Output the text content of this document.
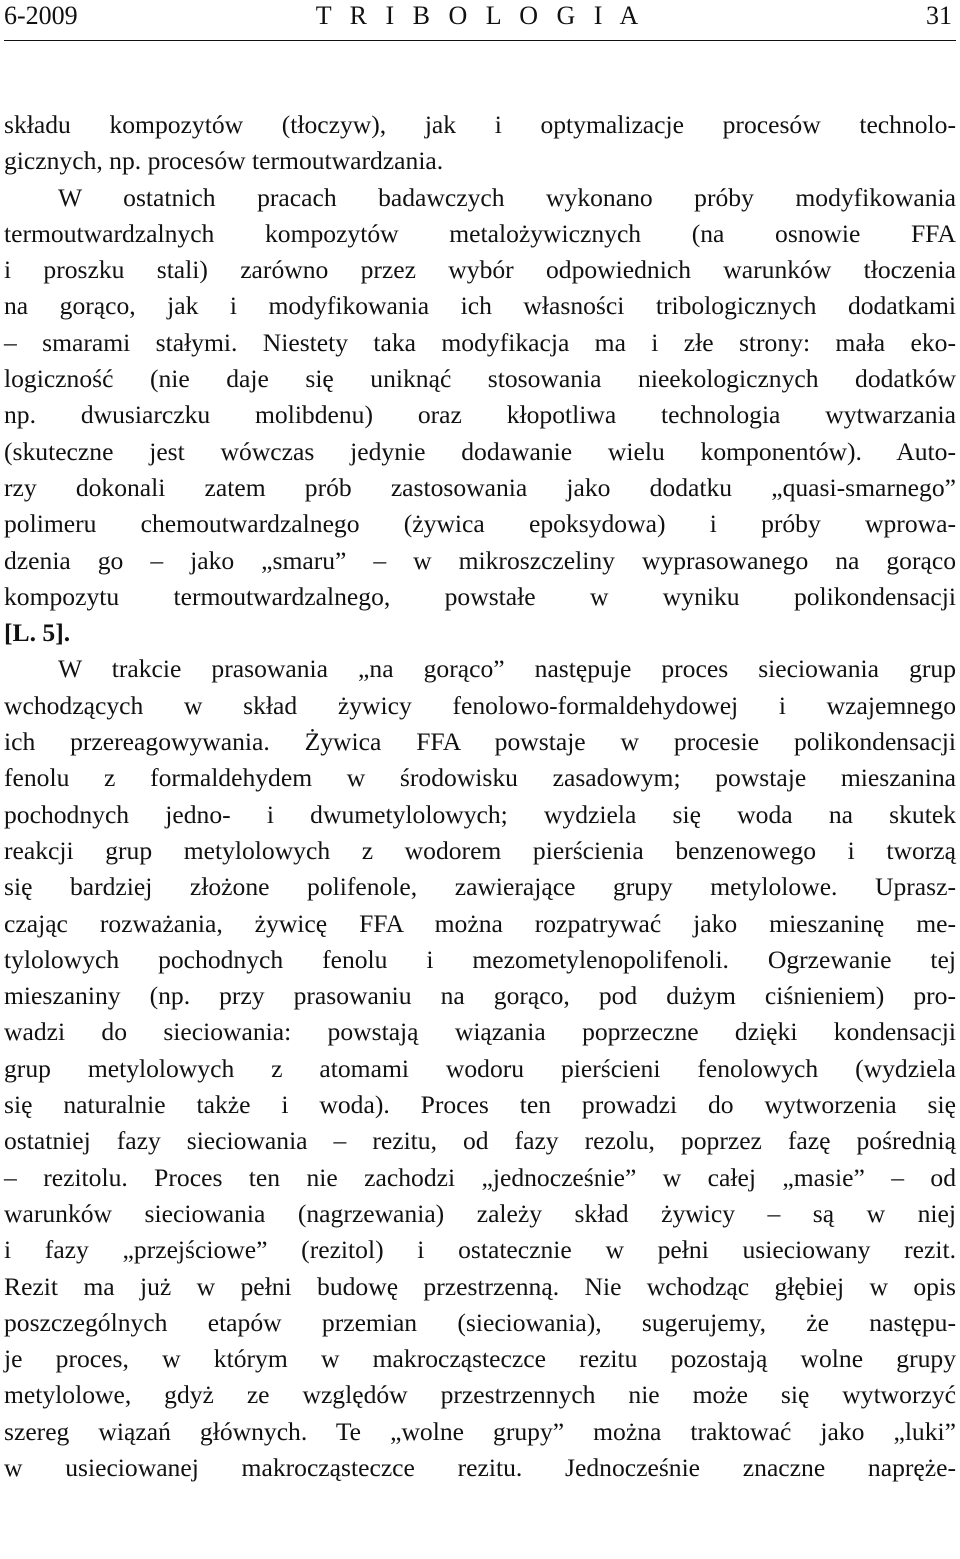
6-2009	T R I B O L O G I A	31
składu kompozytów (tłoczyw), jak i optymalizacje procesów technolo-
gicznych, np. procesów termoutwardzania.
W ostatnich pracach badawczych wykonano próby modyfikowania
termoutwardzalnych kompozytów metalożywicznych (na osnowie FFA
i proszku stali) zarówno przez wybór odpowiednich warunków tłoczenia
na gorąco, jak i modyfikowania ich własności tribologicznych dodatkami
– smarami stałymi. Niestety taka modyfikacja ma i złe strony: mała eko-
logiczność (nie daje się uniknąć stosowania nieekologicznych dodatków
np. dwusiarczku molibdenu) oraz kłopotliwa technologia wytwarzania
(skuteczne jest wówczas jedynie dodawanie wielu komponentów). Auto-
rzy dokonali zatem prób zastosowania jako dodatku „quasi-smarnego”
polimeru chemoutwardzalnego (żywica epoksydowa) i próby wprowa-
dzenia go – jako „smaru” – w mikroszczeliny wyprasowanego na gorąco
kompozytu termoutwardzalnego, powstałe w wyniku polikondensacji
[L. 5].
W trakcie prasowania „na gorąco” następuje proces sieciowania grup
wchodzących w skład żywicy fenolowo-formaldehydowej i wzajemnego
ich przereagowywania. Żywica FFA powstaje w procesie polikondensacji
fenolu z formaldehydem w środowisku zasadowym; powstaje mieszanina
pochodnych jedno- i dwumetylolowych; wydziela się woda na skutek
reakcji grup metylolowych z wodorem pierścienia benzenowego i tworzą
się bardziej złożone polifenole, zawierające grupy metylolowe. Uprasz-
czając rozważania, żywicę FFA można rozpatrywać jako mieszaninę me-
tylolowych pochodnych fenolu i mezometylenopolifenoli. Ogrzewanie tej
mieszaniny (np. przy prasowaniu na gorąco, pod dużym ciśnieniem) pro-
wadzi do sieciowania: powstają wiązania poprzeczne dzięki kondensacji
grup metylolowych z atomami wodoru pierścieni fenolowych (wydziela
się naturalnie także i woda). Proces ten prowadzi do wytworzenia się
ostatniej fazy sieciowania – rezitu, od fazy rezolu, poprzez fazę pośrednią
– rezitolu. Proces ten nie zachodzi „jednocześnie” w całej „masie” – od
warunków sieciowania (nagrzewania) zależy skład żywicy – są w niej
i fazy „przejściowe” (rezitol) i ostatecznie w pełni usieciowany rezit.
Rezit ma już w pełni budowę przestrzenną. Nie wchodząc głębiej w opis
poszczególnych etapów przemian (sieciowania), sugerujemy, że następu-
je proces, w którym w makrocząsteczce rezitu pozostają wolne grupy
metylolowe, gdyż ze względów przestrzennych nie może się wytworzyć
szereg wiązań głównych. Te „wolne grupy” można traktować jako „luki”
w usieciowanej makrocząsteczce rezitu. Jednocześnie znaczne napręże-
